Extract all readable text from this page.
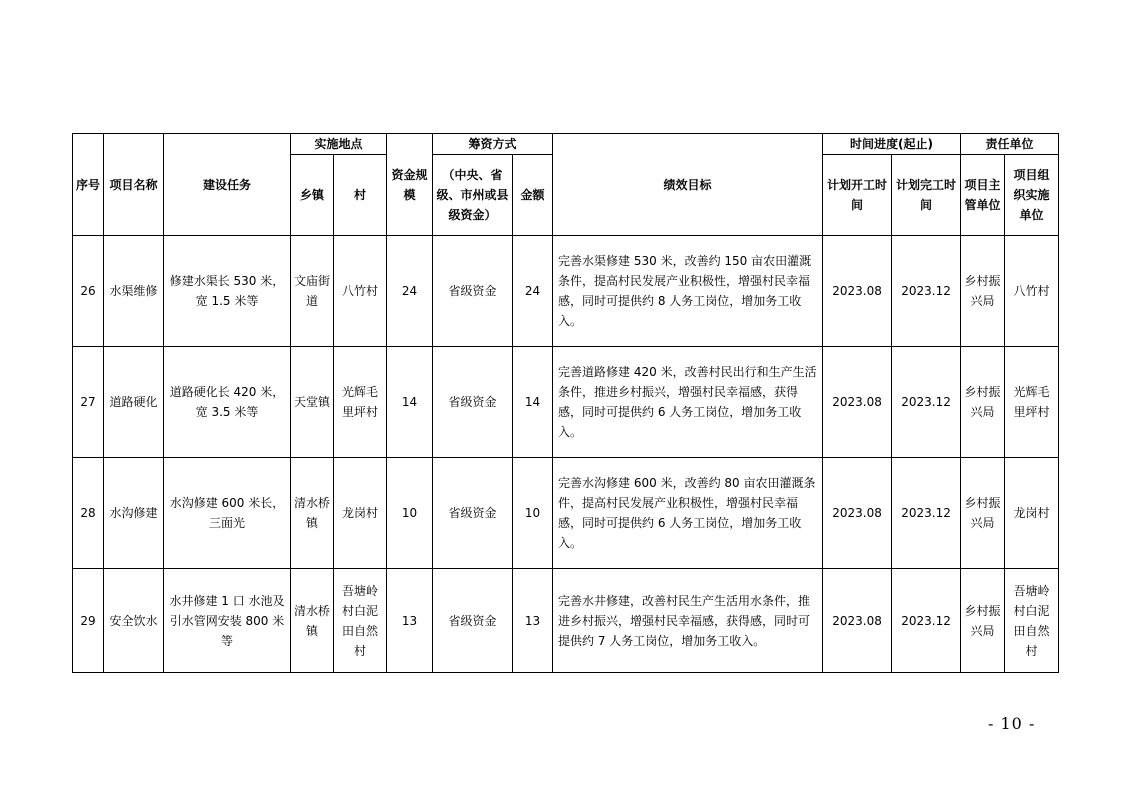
序号	项目名称	建设任务	实施地点		资金规模	筹资方式		绩效目标	时间进度(起止)		责任单位	
			乡镇	村		（中央、省级、市州或县级资金）	金额		计划开工时间	计划完工时间	项目主管单位	项目组织实施单位
26	水渠维修	修建水渠长 530 米，宽 1.5 米等	文庙街道	八竹村	24	省级资金	24	完善水渠修建 530 米，改善约 150 亩农田灌溉条件，提高村民发展产业积极性，增强村民幸福感，同时可提供约 8 人务工岗位，增加务工收入。	2023.08	2023.12	乡村振兴局	八竹村
27	道路硬化	道路硬化长 420 米，宽 3.5 米等	天堂镇	光辉毛里坪村	14	省级资金	14	完善道路修建 420 米，改善村民出行和生产生活条件，推进乡村振兴，增强村民幸福感，获得感，同时可提供约 6 人务工岗位，增加务工收入。	2023.08	2023.12	乡村振兴局	光辉毛里坪村
28	水沟修建	水沟修建 600 米长，三面光	清水桥镇	龙岗村	10	省级资金	10	完善水沟修建 600 米，改善约 80 亩农田灌溉条件，提高村民发展产业积极性，增强村民幸福感，同时可提供约 6 人务工岗位，增加务工收入。	2023.08	2023.12	乡村振兴局	龙岗村
29	安全饮水	水井修建 1 口 水池及引水管网安装 800 米等	清水桥镇	吾塘岭村白泥田自然村	13	省级资金	13	完善水井修建，改善村民生产生活用水条件，推进乡村振兴，增强村民幸福感，获得感，同时可提供约 7 人务工岗位，增加务工收入。	2023.08	2023.12	乡村振兴局	吾塘岭村白泥田自然村
- 10 -
